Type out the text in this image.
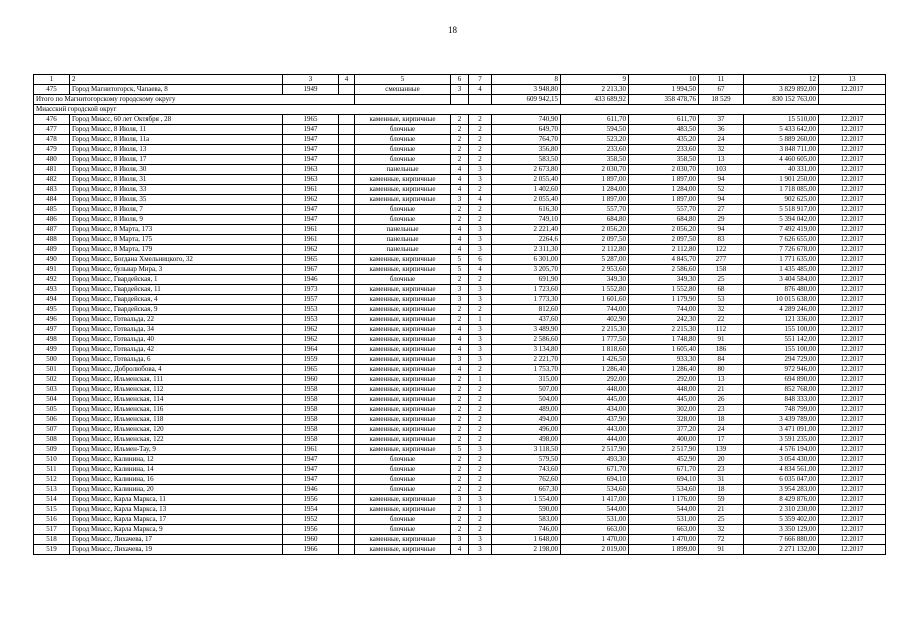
18
1	2	3	4	5	6	7	8	9	10	11	12	13
475	Город Магнитогорск, Чапаева, 8	1949		смешанные	3	4	3 948,80	2 213,30	1 994,50	67	3 829 892,00	12.2017
Итого по Магнитогорскому городскому округу							609 942,15	433 689,92	358 478,76	18 529	830 152 763,00	
Миасский городской округ												
476	Город Миасс, 60 лет Октября , 28	1965		каменные, кирпичные	2	2	740,90	611,70	611,70	37	15 510,00	12.2017
477	Город Миасс, 8 Июля, 11	1947		блочные	2	2	649,70	594,50	483,50	36	5 433 642,00	12.2017
478	Город Миасс, 8 Июля, 11а	1947		блочные	2	2	764,70	523,20	435,20	24	5 889 260,00	12.2017
479	Город Миасс, 8 Июля, 13	1947		блочные	2	2	356,80	233,60	233,60	32	3 848 711,00	12.2017
480	Город Миасс, 8 Июля, 17	1947		блочные	2	2	583,50	358,50	358,50	13	4 460 605,00	12.2017
481	Город Миасс, 8 Июля, 30	1963		панельные	4	3	2 673,80	2 030,70	2 030,70	103	40 331,00	12.2017
482	Город Миасс, 8 Июля, 31	1963		каменные, кирпичные	4	3	2 055,40	1 897,00	1 897,00	94	1 901 250,00	12.2017
483	Город Миасс, 8 Июля, 33	1961		каменные, кирпичные	4	2	1 402,60	1 284,00	1 284,00	52	1 718 085,00	12.2017
484	Город Миасс, 8 Июля, 35	1962		каменные, кирпичные	3	4	2 055,40	1 897,00	1 897,00	94	902 625,00	12.2017
485	Город Миасс, 8 Июля, 7	1947		блочные	2	2	616,30	557,70	557,70	27	5 518 917,00	12.2017
486	Город Миасс, 8 Июля, 9	1947		блочные	2	2	749,10	684,80	684,80	29	5 394 042,00	12.2017
487	Город Миасс, 8 Марта, 173	1961		панельные	4	3	2 221,40	2 056,20	2 056,20	94	7 492 419,00	12.2017
488	Город Миасс, 8 Марта, 175	1961		панельные	4	3	2264,6	2 097,50	2 097,50	83	7 626 655,00	12.2017
489	Город Миасс, 8 Марта, 179	1962		панельные	4	3	2 311,30	2 112,80	2 112,80	122	7 726 678,00	12.2017
490	Город Миасс, Богдана Хмельницкого, 32	1965		каменные, кирпичные	5	6	6 301,00	5 287,00	4 845,70	277	1 771 635,00	12.2017
491	Город Миасс, бульвар Мира, 3	1967		каменные, кирпичные	5	4	3 205,70	2 953,60	2 586,60	158	1 435 485,00	12.2017
492	Город Миасс, Гвардейская, 1	1946		блочные	2	2	691,90	349,30	349,30	25	3 404 584,00	12.2017
493	Город Миасс, Гвардейская, 11	1973		каменные, кирпичные	3	3	1 723,60	1 552,80	1 552,80	68	876 480,00	12.2017
494	Город Миасс, Гвардейская, 4	1957		каменные, кирпичные	3	3	1 773,30	1 601,60	1 179,90	53	10 015 638,00	12.2017
495	Город Миасс, Гвардейская, 9	1953		каменные, кирпичные	2	2	812,60	744,00	744,00	32	4 289 246,00	12.2017
496	Город Миасс, Готвальда, 22	1953		каменные, кирпичные	2	1	437,60	402,90	242,30	22	121 336,00	12.2017
497	Город Миасс, Готвальда, 34	1962		каменные, кирпичные	4	3	3 489,90	2 215,30	2 215,30	112	155 100,00	12.2017
498	Город Миасс, Готвальда, 40	1962		каменные, кирпичные	4	3	2 586,60	1 777,50	1 748,80	91	551 142,00	12.2017
499	Город Миасс, Готвальда, 42	1964		каменные, кирпичные	4	3	3 134,80	1 818,60	1 605,40	186	155 100,00	12.2017
500	Город Миасс, Готвальда, 6	1959		каменные, кирпичные	3	3	2 221,70	1 426,50	933,30	84	294 729,00	12.2017
501	Город Миасс, Добролюбова, 4	1965		каменные, кирпичные	4	2	1 753,70	1 286,40	1 286,40	80	972 946,00	12.2017
502	Город Миасс, Ильменская, 111	1960		каменные, кирпичные	2	1	315,00	292,00	292,00	13	694 890,00	12.2017
503	Город Миасс, Ильменская, 112	1958		каменные, кирпичные	2	2	507,00	448,00	448,00	21	852 768,00	12.2017
504	Город Миасс, Ильменская, 114	1958		каменные, кирпичные	2	2	504,00	445,00	445,00	26	848 333,00	12.2017
505	Город Миасс, Ильменская, 116	1958		каменные, кирпичные	2	2	489,00	434,00	302,00	23	748 799,00	12.2017
506	Город Миасс, Ильменская, 118	1958		каменные, кирпичные	2	2	494,00	437,90	328,00	18	3 439 789,00	12.2017
507	Город Миасс, Ильменская, 120	1958		каменные, кирпичные	2	2	496,00	443,00	377,20	24	3 471 091,00	12.2017
508	Город Миасс, Ильменская, 122	1958		каменные, кирпичные	2	2	498,00	444,00	400,00	17	3 591 235,00	12.2017
509	Город Миасс, Ильмен-Тау, 9	1961		каменные, кирпичные	5	3	3 118,50	2 517,90	2 517,90	139	4 576 194,00	12.2017
510	Город Миасс, Калинина, 12	1947		блочные	2	2	579,50	493,30	452,90	20	3 054 430,00	12.2017
511	Город Миасс, Калинина, 14	1947		блочные	2	2	743,60	671,70	671,70	23	4 834 561,00	12.2017
512	Город Миасс, Калинина, 16	1947		блочные	2	2	762,60	694,10	694,10	31	6 035 047,00	12.2017
513	Город Миасс, Калинина, 20	1946		блочные	2	2	667,30	534,60	534,60	18	3 954 283,00	12.2017
514	Город Миасс, Карла Маркса, 11	1956		каменные, кирпичные	3	3	1 554,00	1 417,00	1 176,00	59	8 429 876,00	12.2017
515	Город Миасс, Карла Маркса, 13	1954		каменные, кирпичные	2	1	590,00	544,00	544,00	21	2 310 230,00	12.2017
516	Город Миасс, Карла Маркса, 17	1952		блочные	2	2	583,00	531,00	531,00	25	5 359 402,00	12.2017
517	Город Миасс, Карла Маркса, 9	1956		блочные	2	2	746,00	663,00	663,00	32	3 350 129,00	12.2017
518	Город Миасс, Лихачева, 17	1960		каменные, кирпичные	3	3	1 648,00	1 470,00	1 470,00	72	7 666 880,00	12.2017
519	Город Миасс, Лихачева, 19	1966		каменные, кирпичные	4	3	2 198,00	2 019,00	1 899,00	91	2 271 132,00	12.2017
